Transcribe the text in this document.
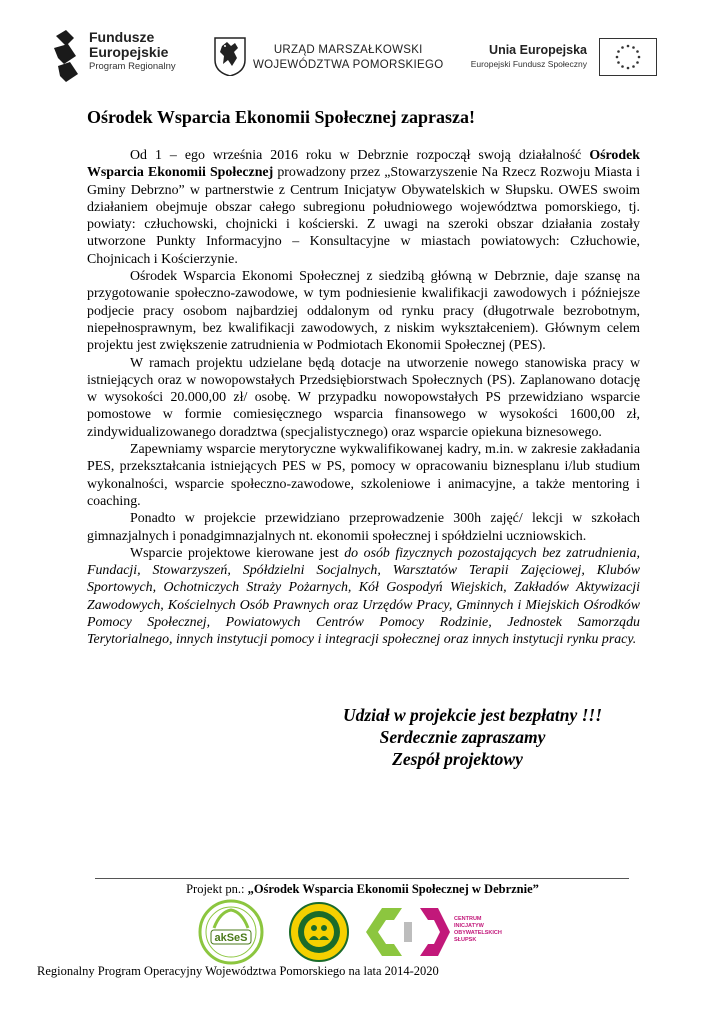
Fundusze
Europejskie
Program Regionalny
URZĄD MARSZAŁKOWSKI
WOJEWÓDZTWA POMORSKIEGO
Unia Europejska
Europejski Fundusz Społeczny
Ośrodek Wsparcia Ekonomii Społecznej zaprasza!

Od 1 – ego września 2016 roku w Debrznie rozpoczął swoją działalność Ośrodek Wsparcia Ekonomii Społecznej prowadzony przez „Stowarzyszenie Na Rzecz Rozwoju Miasta i Gminy Debrzno” w partnerstwie z Centrum Inicjatyw Obywatelskich w Słupsku. OWES swoim działaniem obejmuje obszar całego subregionu południowego województwa pomorskiego, tj. powiaty: człuchowski, chojnicki i kościerski. Z uwagi na szeroki obszar działania zostały utworzone Punkty Informacyjno – Konsultacyjne w miastach powiatowych: Człuchowie, Chojnicach i Kościerzynie.

Ośrodek Wsparcia Ekonomi Społecznej z siedzibą główną w Debrznie, daje szansę na przygotowanie społeczno-zawodowe, w tym podniesienie kwalifikacji zawodowych i późniejsze podjecie pracy osobom najbardziej oddalonym od rynku pracy (długotrwale bezrobotnym, niepełnosprawnym, bez kwalifikacji zawodowych, z niskim wykształceniem). Głównym celem projektu jest zwiększenie zatrudnienia w Podmiotach Ekonomii Społecznej (PES).

W ramach projektu udzielane będą dotacje na utworzenie nowego stanowiska pracy w istniejących oraz w nowopowstałych Przedsiębiorstwach Społecznych (PS). Zaplanowano dotację w wysokości 20.000,00 zł/ osobę. W przypadku nowopowstałych PS przewidziano wsparcie pomostowe w formie comiesięcznego wsparcia finansowego w wysokości 1600,00 zł, zindywidualizowanego doradztwa (specjalistycznego) oraz wsparcie opiekuna biznesowego.

Zapewniamy wsparcie merytoryczne wykwalifikowanej kadry, m.in. w zakresie zakładania PES, przekształcania istniejących PES w PS, pomocy w opracowaniu biznesplanu i/lub studium wykonalności, wsparcie społeczno-zawodowe, szkoleniowe i animacyjne, a także mentoring i coaching.

Ponadto w projekcie przewidziano przeprowadzenie 300h zajęć/ lekcji w szkołach gimnazjalnych i ponadgimnazjalnych nt. ekonomii społecznej i spółdzielni uczniowskich.

Wsparcie projektowe kierowane jest do osób fizycznych pozostających bez zatrudnienia, Fundacji, Stowarzyszeń, Spółdzielni Socjalnych, Warsztatów Terapii Zajęciowej, Klubów Sportowych, Ochotniczych Straży Pożarnych, Kół Gospodyń Wiejskich, Zakładów Aktywizacji Zawodowych, Kościelnych Osób Prawnych oraz Urzędów Pracy, Gminnych i Miejskich Ośrodków Pomocy Społecznej, Powiatowych Centrów Pomocy Rodzinie, Jednostek Samorządu Terytorialnego, innych instytucji pomocy i integracji społecznej oraz innych instytucji rynku pracy.

Udział w projekcie jest bezpłatny !!!
Serdecznie zapraszamy
Zespół projektowy
Projekt pn.: „Ośrodek Wsparcia Ekonomii Społecznej w Debrznie”
akSeS
CENTRUM
INICJATYW
OBYWATELSKICH
SŁUPSK
Regionalny Program Operacyjny Województwa Pomorskiego na lata 2014-2020
